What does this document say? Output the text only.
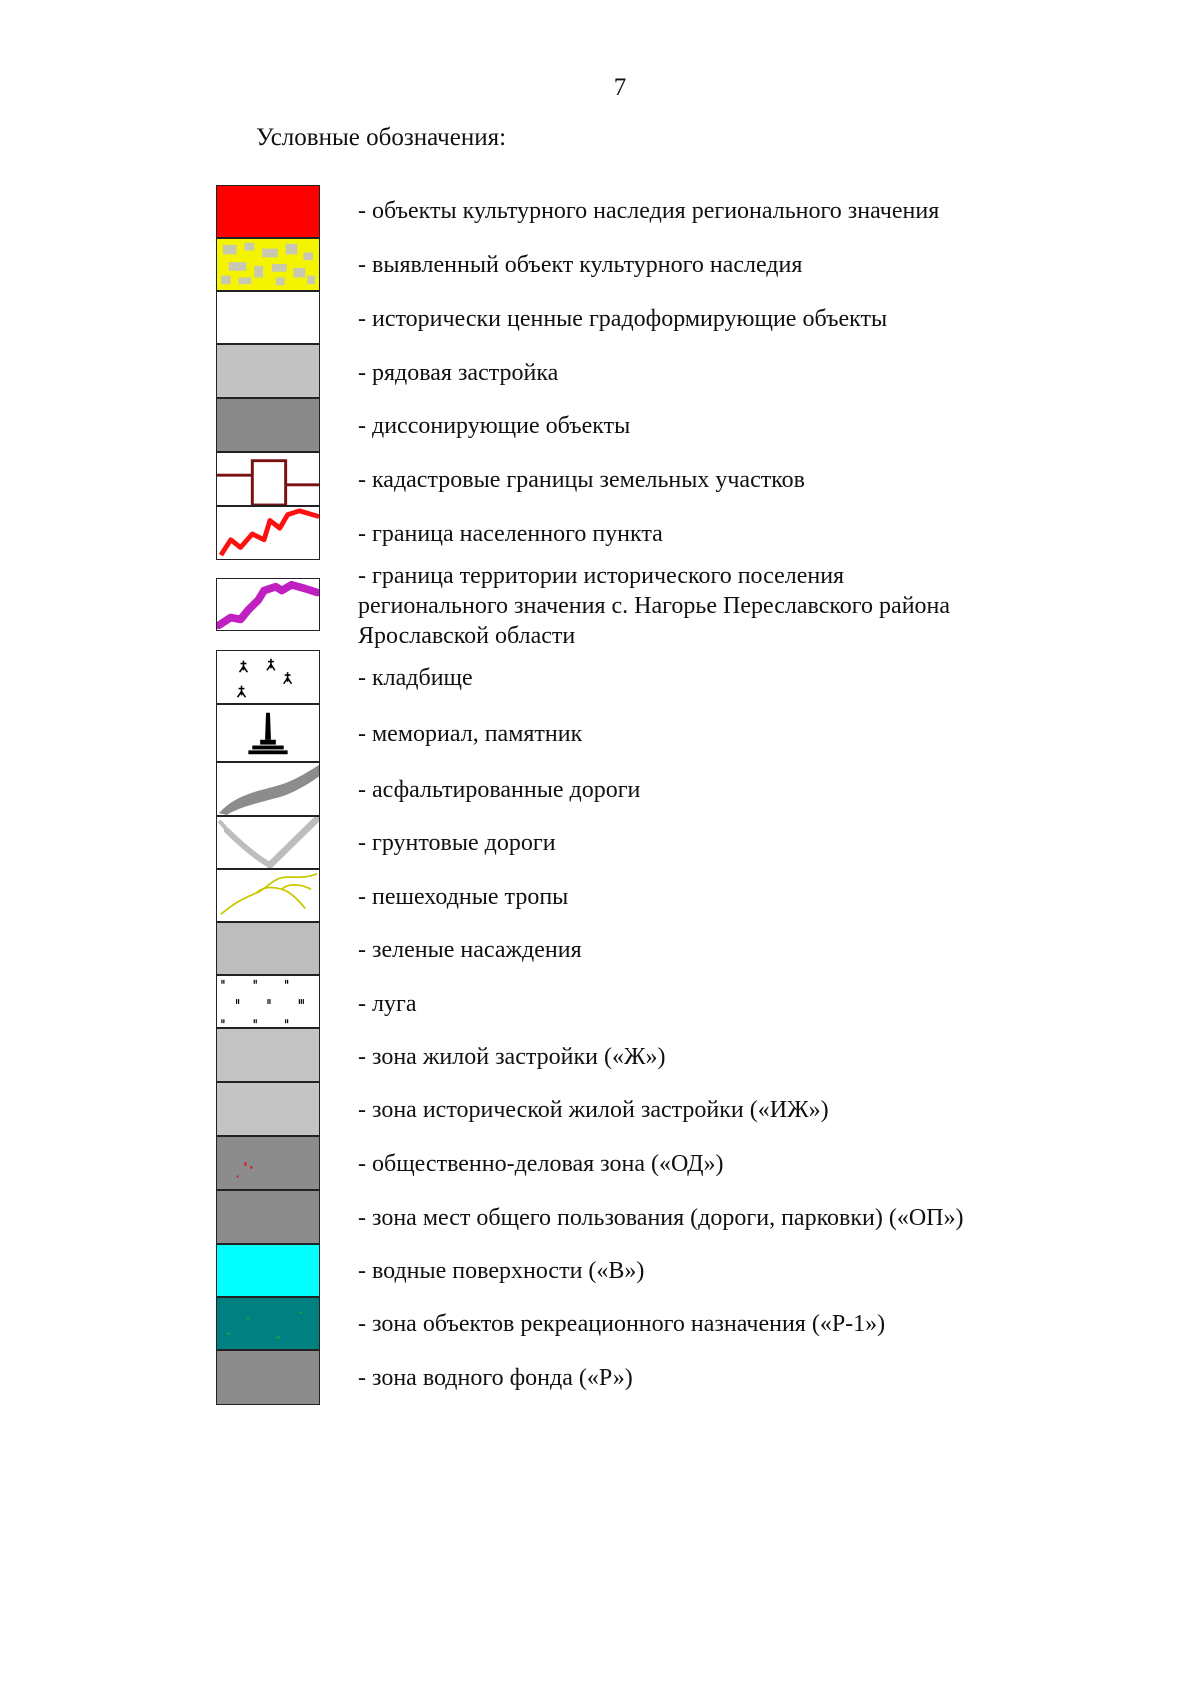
7
Условные обозначения:
- объекты культурного наследия регионального значения
- выявленный объект культурного наследия
- исторически ценные градоформирующие объекты
- рядовая застройка
- диссонирующие объекты
- кадастровые границы земельных участков
- граница населенного пункта
- граница территории исторического поселения
регионального значения с. Нагорье Переславского района
Ярославской области
- кладбище
- мемориал, памятник
- асфальтированные дороги
- грунтовые дороги
- пешеходные тропы
- зеленые насаждения
- луга
- зона жилой застройки («Ж»)
- зона исторической жилой застройки («ИЖ»)
- общественно-деловая зона («ОД»)
- зона мест общего пользования (дороги, парковки) («ОП»)
- водные поверхности («В»)
- зона объектов рекреационного назначения («Р-1»)
- зона водного фонда («Р»)
